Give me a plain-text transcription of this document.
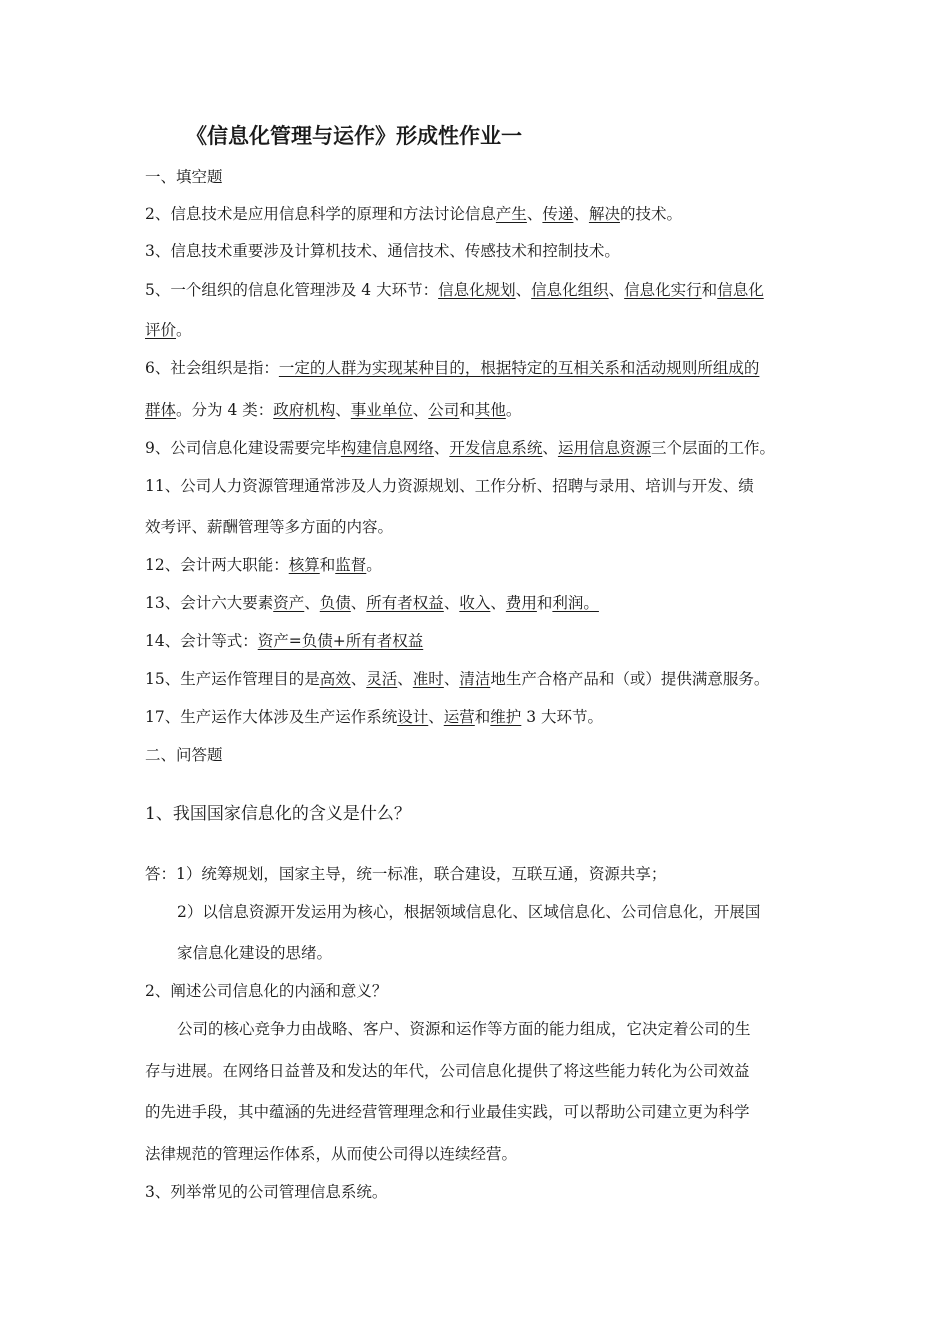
《信息化管理与运作》形成性作业一
一、填空题
2、信息技术是应用信息科学的原理和方法讨论信息产生、传递、解决的技术。
3、信息技术重要涉及计算机技术、通信技术、传感技术和控制技术。
5、一个组织的信息化管理涉及 4 大环节：信息化规划、信息化组织、信息化实行和信息化
评价。
6、社会组织是指：一定的人群为实现某种目的，根据特定的互相关系和活动规则所组成的
群体。分为 4 类：政府机构、事业单位、公司和其他。
9、公司信息化建设需要完毕构建信息网络、开发信息系统、运用信息资源三个层面的工作。
11、公司人力资源管理通常涉及人力资源规划、工作分析、招聘与录用、培训与开发、绩
效考评、薪酬管理等多方面的内容。
12、会计两大职能：核算和监督。
13、会计六大要素资产、负债、所有者权益、收入、费用和利润。
14、会计等式：资产=负债+所有者权益
15、生产运作管理目的是高效、灵活、准时、清洁地生产合格产品和（或）提供满意服务。
17、生产运作大体涉及生产运作系统设计、运营和维护 3 大环节。
二、问答题
1、我国国家信息化的含义是什么？
答：1）统筹规划，国家主导，统一标准，联合建设，互联互通，资源共享；
2）以信息资源开发运用为核心，根据领域信息化、区域信息化、公司信息化，开展国
家信息化建设的思绪。
2、阐述公司信息化的内涵和意义？
公司的核心竞争力由战略、客户、资源和运作等方面的能力组成，它决定着公司的生
存与进展。在网络日益普及和发达的年代，公司信息化提供了将这些能力转化为公司效益
的先进手段，其中蕴涵的先进经营管理理念和行业最佳实践，可以帮助公司建立更为科学
法律规范的管理运作体系，从而使公司得以连续经营。
3、列举常见的公司管理信息系统。
